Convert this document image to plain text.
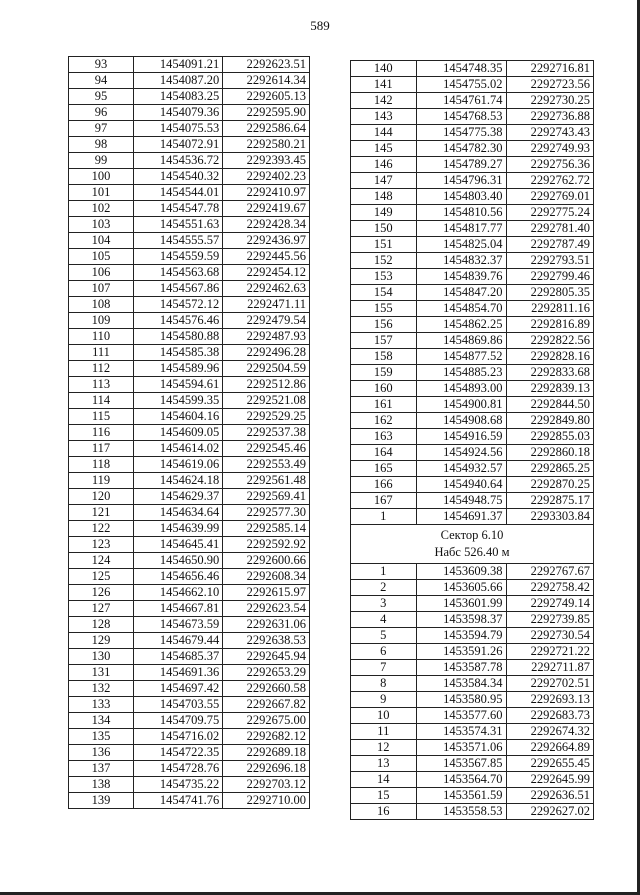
589
93	1454091.21	2292623.51
94	1454087.20	2292614.34
95	1454083.25	2292605.13
96	1454079.36	2292595.90
97	1454075.53	2292586.64
98	1454072.91	2292580.21
99	1454536.72	2292393.45
100	1454540.32	2292402.23
101	1454544.01	2292410.97
102	1454547.78	2292419.67
103	1454551.63	2292428.34
104	1454555.57	2292436.97
105	1454559.59	2292445.56
106	1454563.68	2292454.12
107	1454567.86	2292462.63
108	1454572.12	2292471.11
109	1454576.46	2292479.54
110	1454580.88	2292487.93
111	1454585.38	2292496.28
112	1454589.96	2292504.59
113	1454594.61	2292512.86
114	1454599.35	2292521.08
115	1454604.16	2292529.25
116	1454609.05	2292537.38
117	1454614.02	2292545.46
118	1454619.06	2292553.49
119	1454624.18	2292561.48
120	1454629.37	2292569.41
121	1454634.64	2292577.30
122	1454639.99	2292585.14
123	1454645.41	2292592.92
124	1454650.90	2292600.66
125	1454656.46	2292608.34
126	1454662.10	2292615.97
127	1454667.81	2292623.54
128	1454673.59	2292631.06
129	1454679.44	2292638.53
130	1454685.37	2292645.94
131	1454691.36	2292653.29
132	1454697.42	2292660.58
133	1454703.55	2292667.82
134	1454709.75	2292675.00
135	1454716.02	2292682.12
136	1454722.35	2292689.18
137	1454728.76	2292696.18
138	1454735.22	2292703.12
139	1454741.76	2292710.00
140	1454748.35	2292716.81
141	1454755.02	2292723.56
142	1454761.74	2292730.25
143	1454768.53	2292736.88
144	1454775.38	2292743.43
145	1454782.30	2292749.93
146	1454789.27	2292756.36
147	1454796.31	2292762.72
148	1454803.40	2292769.01
149	1454810.56	2292775.24
150	1454817.77	2292781.40
151	1454825.04	2292787.49
152	1454832.37	2292793.51
153	1454839.76	2292799.46
154	1454847.20	2292805.35
155	1454854.70	2292811.16
156	1454862.25	2292816.89
157	1454869.86	2292822.56
158	1454877.52	2292828.16
159	1454885.23	2292833.68
160	1454893.00	2292839.13
161	1454900.81	2292844.50
162	1454908.68	2292849.80
163	1454916.59	2292855.03
164	1454924.56	2292860.18
165	1454932.57	2292865.25
166	1454940.64	2292870.25
167	1454948.75	2292875.17
1	1454691.37	2293303.84

Сектор 6.10
Набс 526.40 м		

1	1453609.38	2292767.67
2	1453605.66	2292758.42
3	1453601.99	2292749.14
4	1453598.37	2292739.85
5	1453594.79	2292730.54
6	1453591.26	2292721.22
7	1453587.78	2292711.87
8	1453584.34	2292702.51
9	1453580.95	2292693.13
10	1453577.60	2292683.73
11	1453574.31	2292674.32
12	1453571.06	2292664.89
13	1453567.85	2292655.45
14	1453564.70	2292645.99
15	1453561.59	2292636.51
16	1453558.53	2292627.02
